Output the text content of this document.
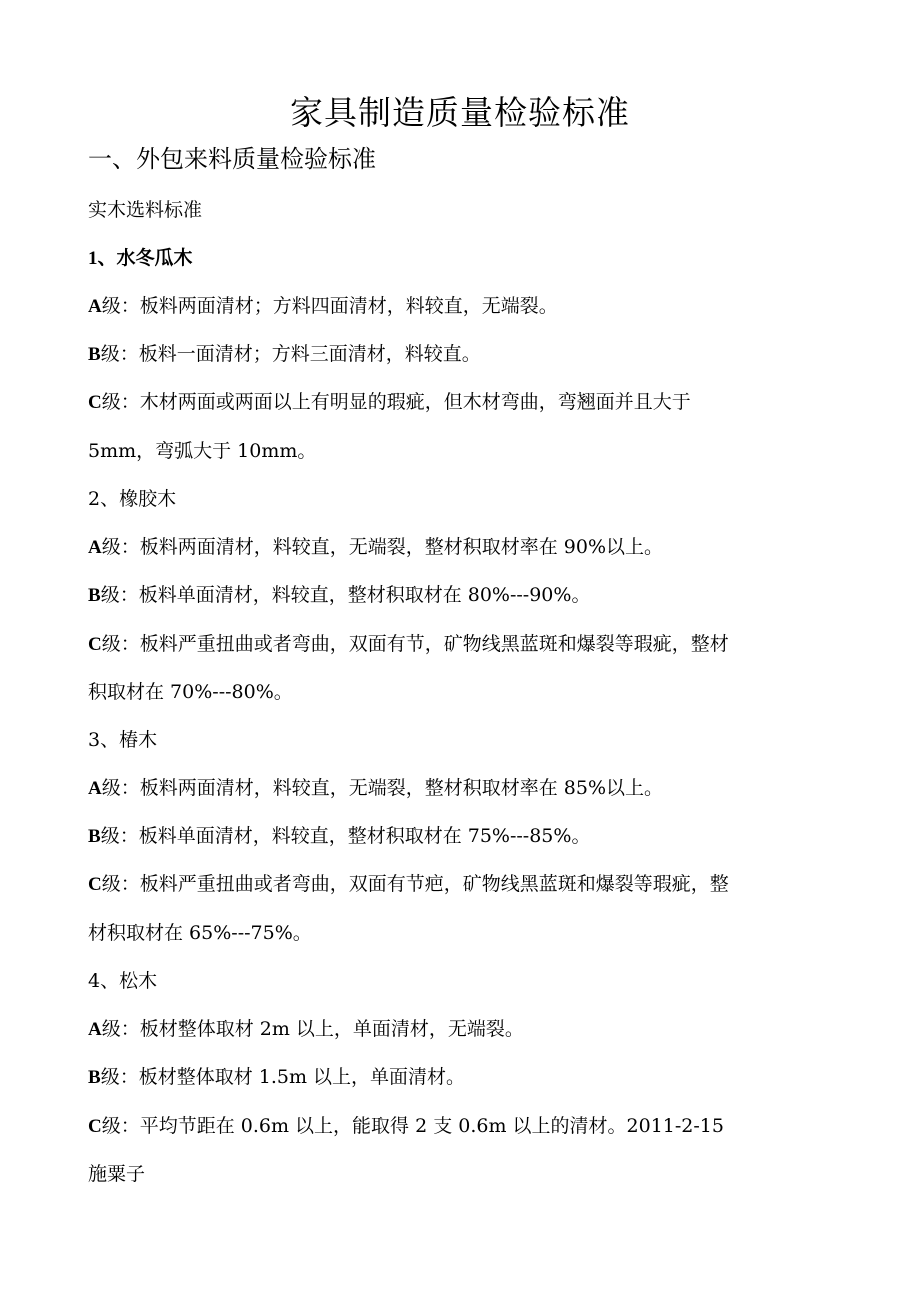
家具制造质量检验标准
一、外包来料质量检验标准
实木选料标准
1、水冬瓜木
A级：板料两面清材；方料四面清材，料较直，无端裂。
B级：板料一面清材；方料三面清材，料较直。
C级：木材两面或两面以上有明显的瑕疵，但木材弯曲，弯翘面并且大于
5mm，弯弧大于 10mm。
2、橡胶木
A级：板料两面清材，料较直，无端裂，整材积取材率在 90%以上。
B级：板料单面清材，料较直，整材积取材在 80%---90%。
C级：板料严重扭曲或者弯曲，双面有节，矿物线黑蓝斑和爆裂等瑕疵，整材
积取材在 70%---80%。
3、椿木
A级：板料两面清材，料较直，无端裂，整材积取材率在 85%以上。
B级：板料单面清材，料较直，整材积取材在 75%---85%。
C级：板料严重扭曲或者弯曲，双面有节疤，矿物线黑蓝斑和爆裂等瑕疵，整
材积取材在 65%---75%。
4、松木
A级：板材整体取材 2m 以上，单面清材，无端裂。
B级：板材整体取材 1.5m 以上，单面清材。
C级：平均节距在 0.6m 以上，能取得 2 支 0.6m 以上的清材。2011-2-15
施粟子
